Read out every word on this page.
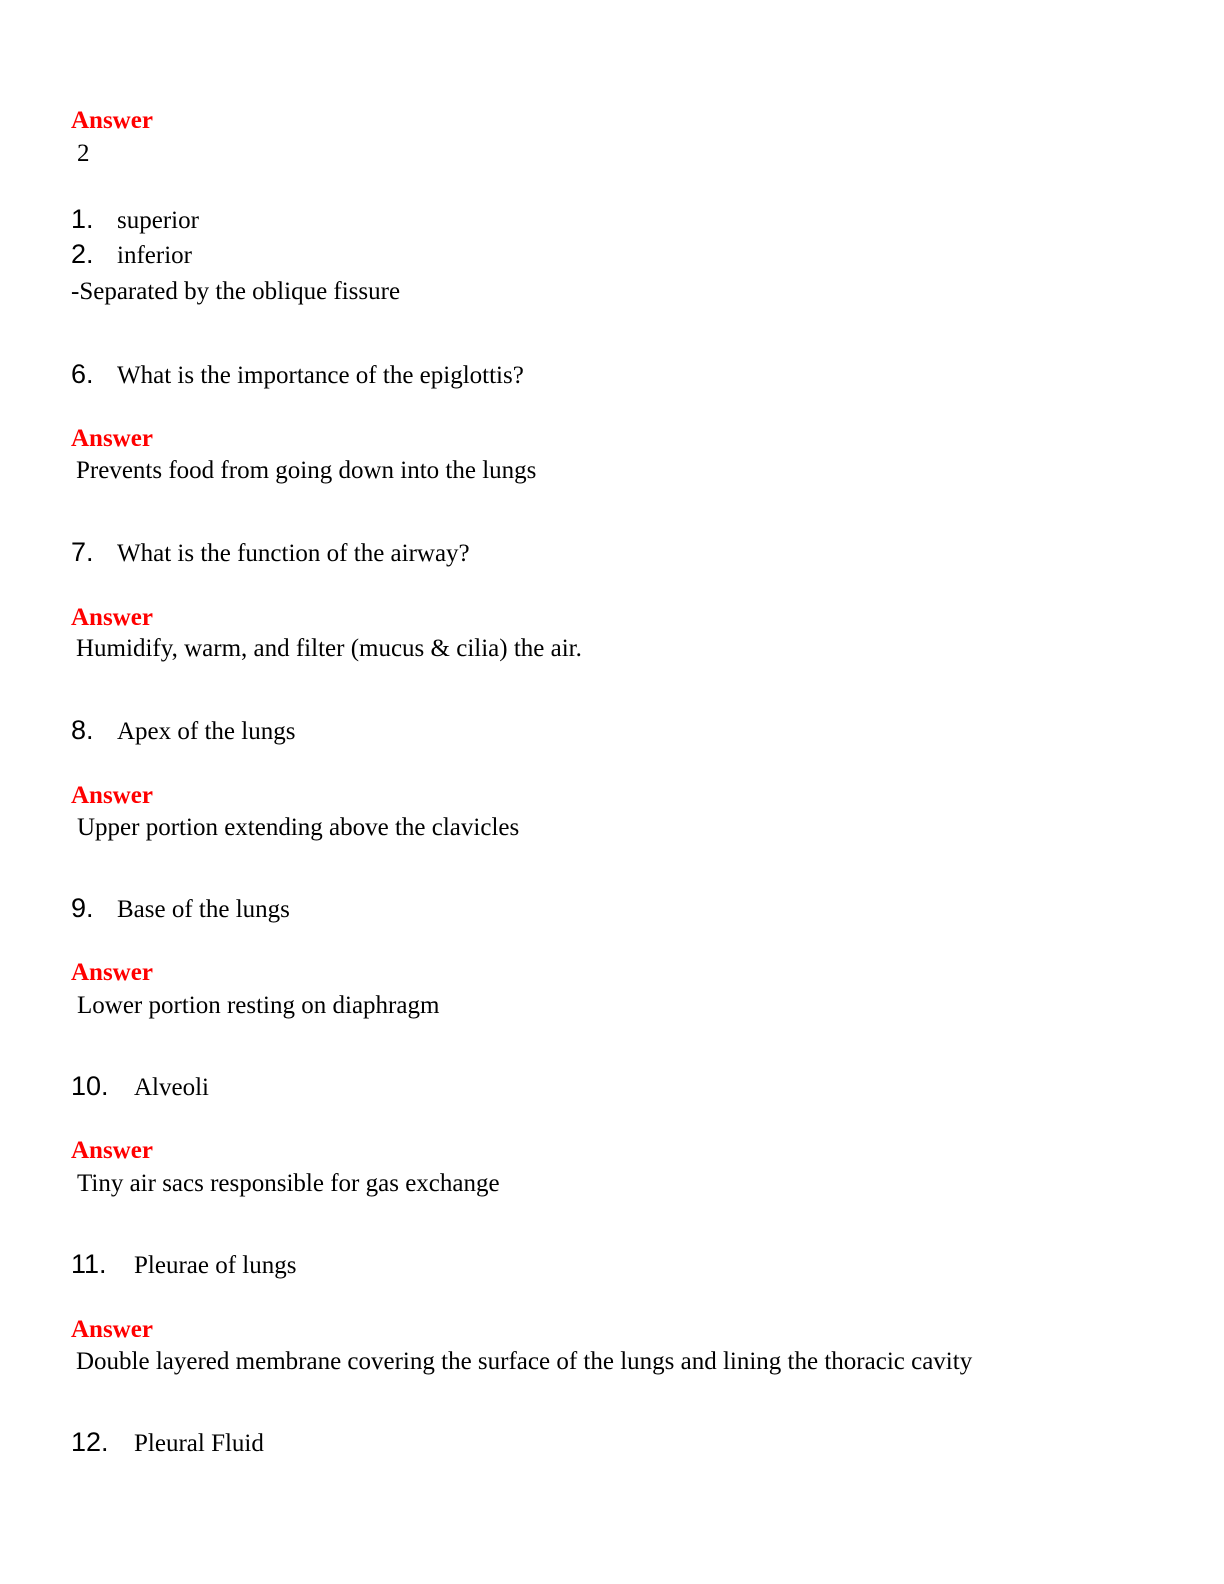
Answer
2
1. superior
2. inferior
-Separated by the oblique fissure
6. What is the importance of the epiglottis?
Answer
Prevents food from going down into the lungs
7. What is the function of the airway?
Answer
Humidify, warm, and filter (mucus & cilia) the air.
8. Apex of the lungs
Answer
Upper portion extending above the clavicles
9. Base of the lungs
Answer
Lower portion resting on diaphragm
10. Alveoli
Answer
Tiny air sacs responsible for gas exchange
11. Pleurae of lungs
Answer
Double layered membrane covering the surface of the lungs and lining the thoracic cavity
12. Pleural Fluid
